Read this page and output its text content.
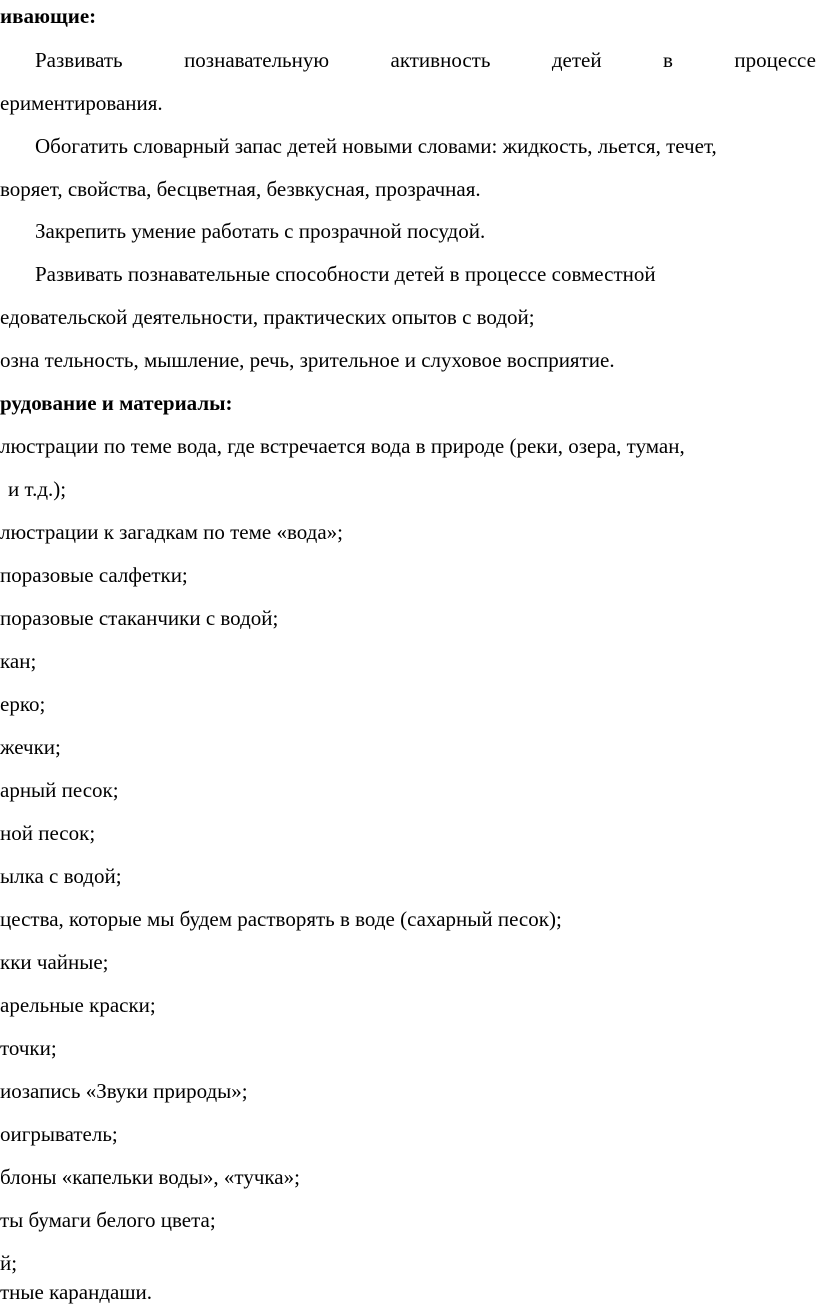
ивающие:
Развивать	познавательную	активность	детей	в	процессе
ериментирования.
Обогатить словарный запас детей новыми словами: жидкость, льется, течет,
воряет, свойства, бесцветная, безвкусная, прозрачная.
Закрепить умение работать с прозрачной посудой.
Развивать познавательные способности детей в процессе совместной
едовательской деятельности, практических опытов с водой;
озна тельность, мышление, речь, зрительное и слуховое восприятие.
рудование и материалы:
люстрации по теме вода, где встречается вода в природе (реки, озера, туман,
и т.д.);
люстрации к загадкам по теме «вода»;
поразовые салфетки;
поразовые стаканчики с водой;
кан;
ерко;
жечки;
арный песок;
ной песок;
ылка с водой;
цества, которые мы будем растворять в воде (сахарный песок);
кки чайные;
арельные краски;
точки;
иозапись «Звуки природы»;
оигрыватель;
блоны «капельки воды», «тучка»;
ты бумаги белого цвета;
й;
тные карандаши.
